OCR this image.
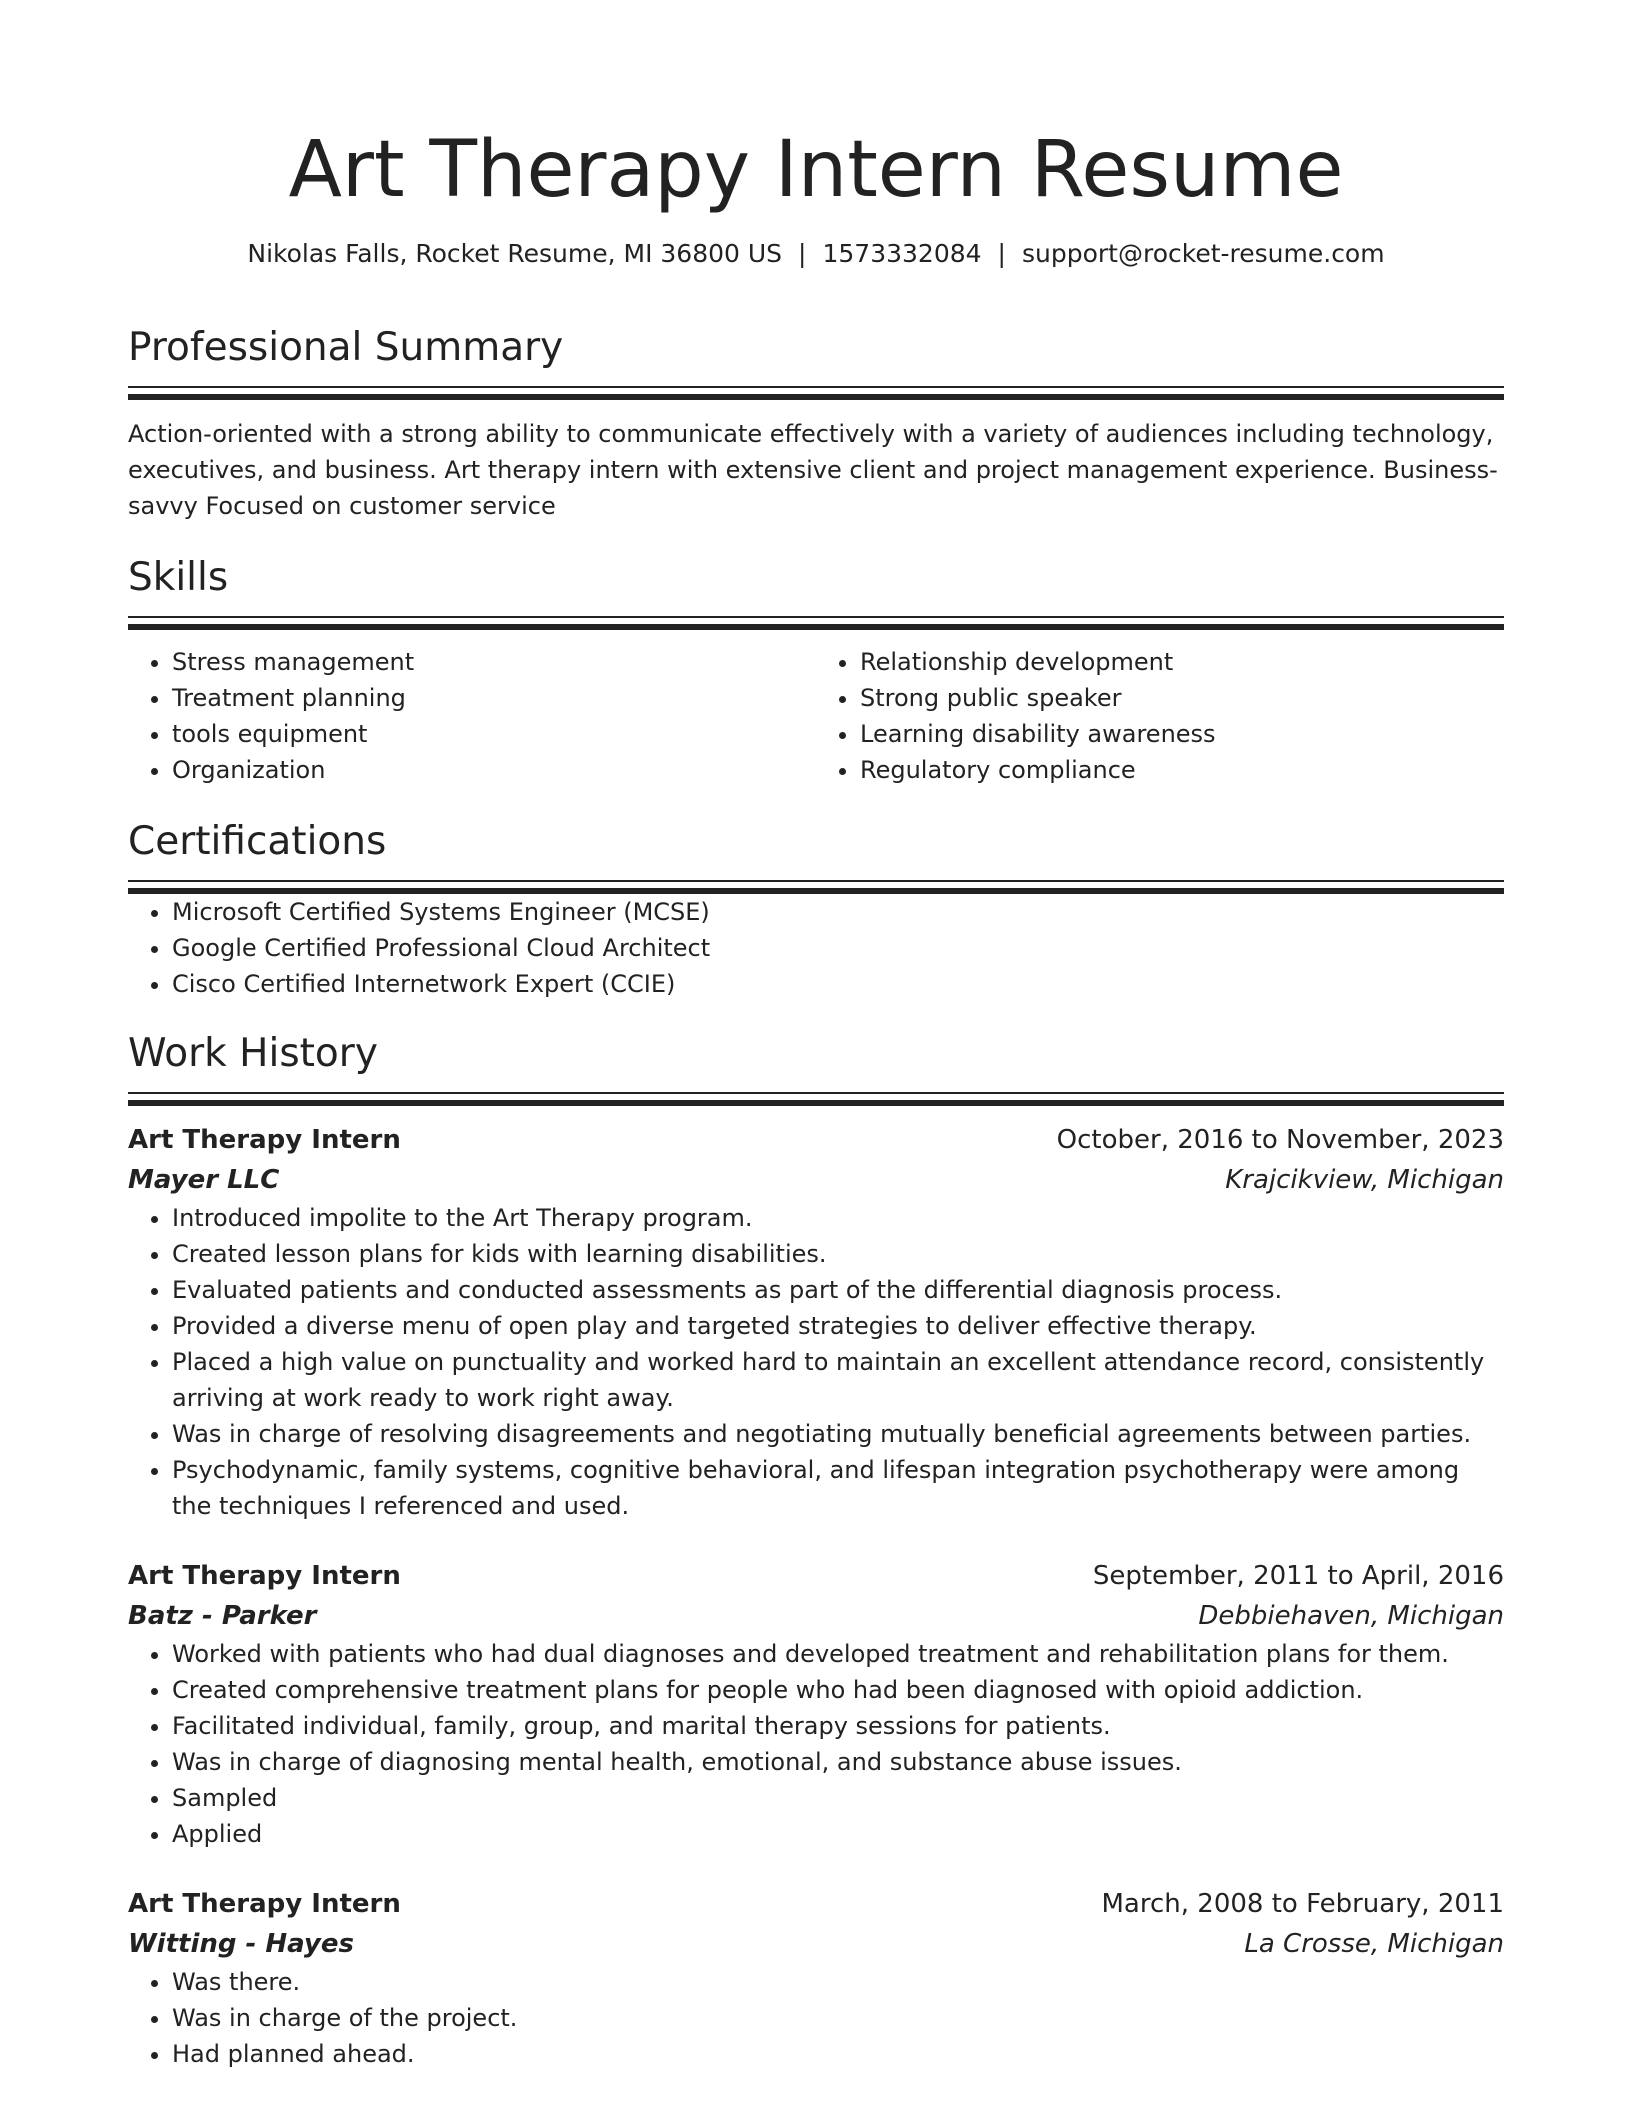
Art Therapy Intern Resume
Nikolas Falls, Rocket Resume, MI 36800 US | 1573332084 | support@rocket-resume.com
Professional Summary
Action-oriented with a strong ability to communicate effectively with a variety of audiences including technology, executives, and business. Art therapy intern with extensive client and project management experience. Business-savvy Focused on customer service
Skills
• Stress management
• Treatment planning
• tools equipment
• Organization
• Relationship development
• Strong public speaker
• Learning disability awareness
• Regulatory compliance
Certifications
• Microsoft Certified Systems Engineer (MCSE)
• Google Certified Professional Cloud Architect
• Cisco Certified Internetwork Expert (CCIE)
Work History
Art Therapy Intern	October, 2016 to November, 2023
Mayer LLC	Krajcikview, Michigan
• Introduced impolite to the Art Therapy program.
• Created lesson plans for kids with learning disabilities.
• Evaluated patients and conducted assessments as part of the differential diagnosis process.
• Provided a diverse menu of open play and targeted strategies to deliver effective therapy.
• Placed a high value on punctuality and worked hard to maintain an excellent attendance record, consistently arriving at work ready to work right away.
• Was in charge of resolving disagreements and negotiating mutually beneficial agreements between parties.
• Psychodynamic, family systems, cognitive behavioral, and lifespan integration psychotherapy were among the techniques I referenced and used.
Art Therapy Intern	September, 2011 to April, 2016
Batz - Parker	Debbiehaven, Michigan
• Worked with patients who had dual diagnoses and developed treatment and rehabilitation plans for them.
• Created comprehensive treatment plans for people who had been diagnosed with opioid addiction.
• Facilitated individual, family, group, and marital therapy sessions for patients.
• Was in charge of diagnosing mental health, emotional, and substance abuse issues.
• Sampled
• Applied
Art Therapy Intern	March, 2008 to February, 2011
Witting - Hayes	La Crosse, Michigan
• Was there.
• Was in charge of the project.
• Had planned ahead.
